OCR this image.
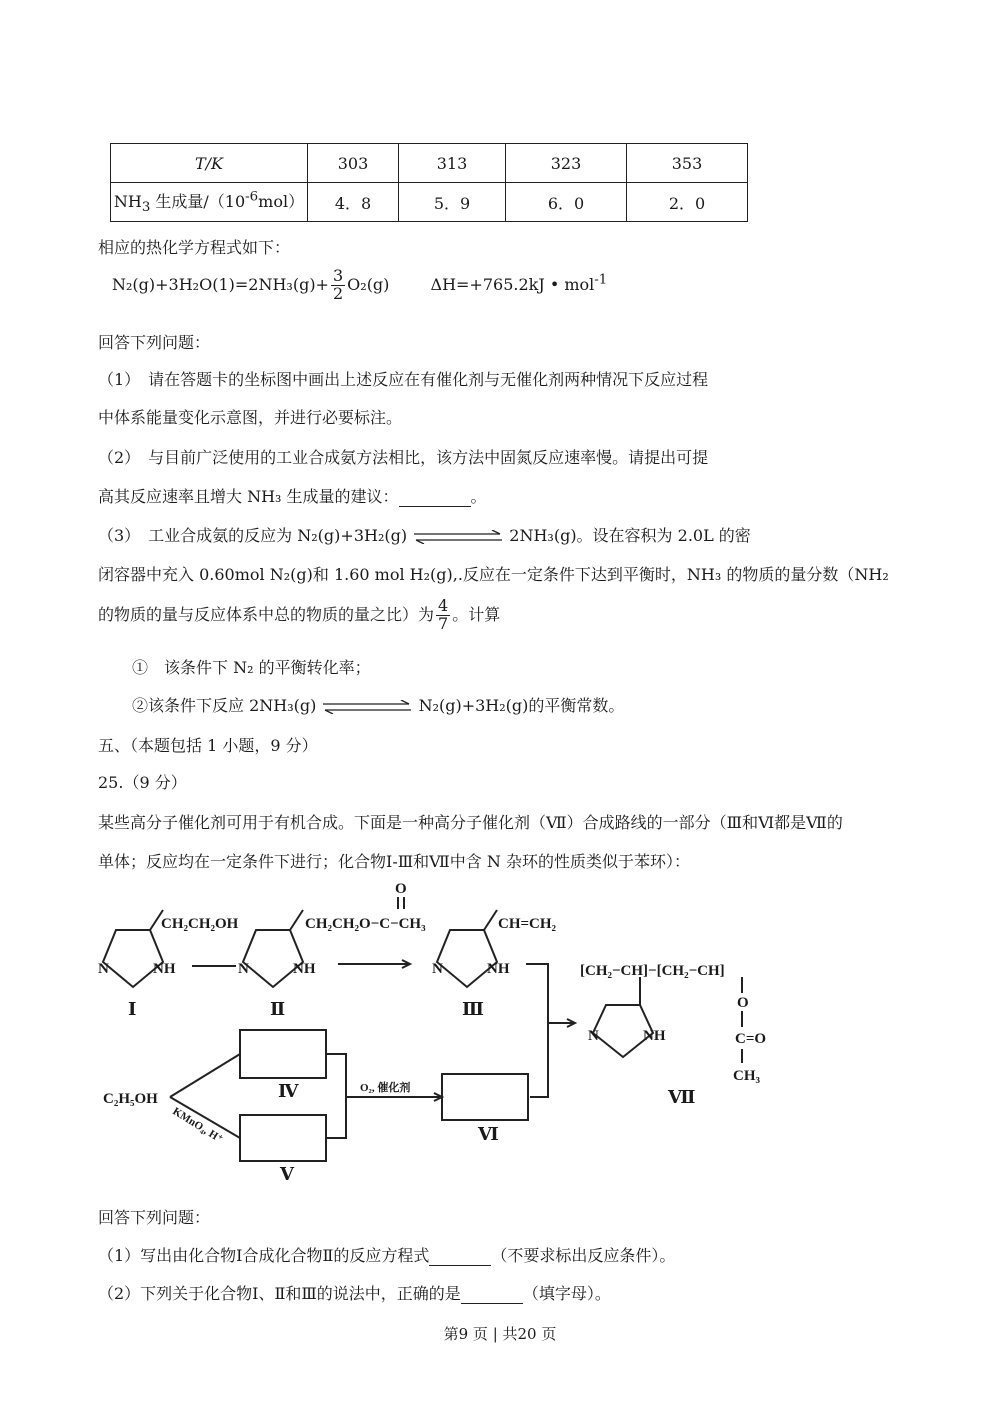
T/K	303	313	323	353
$NH_3$ 生成量$/(10^{-6}mol)$	4．8	5．9	6．0	2．0
相应的热化学方程式如下：
$N_2(g)+3H_2O(1)=2NH_3(g)+ \frac{3}{2} O_2(g)$	ΔH=+765.2kJ • mol$^{-1}$
回答下列问题：
（1）　请在答题卡的坐标图中画出上述反应在有催化剂与无催化剂两种情况下反应过程
中体系能量变化示意图，并进行必要标注。
（2）　与目前广泛使用的工业合成氨方法相比，该方法中固氮反应速率慢。请提出可提
高其反应速率且增大 NH₃ 生成量的建议：	。
（3）　工业合成氨的反应为 N₂(g)+3H₂(g)	2NH₃(g)。设在容积为 2.0L 的密
闭容器中充入 0.60mol N₂(g)和 1.60 mol H₂(g),.反应在一定条件下达到平衡时，NH₃ 的物质的量分数（NH₂
的物质的量与反应体系中总的物质的量之比）为 $\frac{4}{7}$ 。计算
①　该条件下 N₂ 的平衡转化率；
②该条件下反应 2NH₃(g)	N₂(g)+3H₂(g)的平衡常数。
五、（本题包括 1 小题，9 分）
25.（9 分）
某些高分子催化剂可用于有机合成。下面是一种高分子催化剂（Ⅶ）合成路线的一部分（Ⅲ和Ⅵ都是Ⅶ的
单体；反应均在一定条件下进行；化合物Ⅰ-Ⅲ和Ⅶ中含 N 杂环的性质类似于苯环）：
CH₂CH₂OH
N	NH
Ⅰ
CH₂CH₂O−C−CH₃
O
N	NH
Ⅱ
CH=CH₂
N	NH
Ⅲ
C₂H₅OH
KMnO₄, H⁺
O₂, 催化剂
Ⅳ
Ⅴ
Ⅵ
[CH₂−CH]−[CH₂−CH]
O
C=O
CH₃
N	NH
Ⅶ
回答下列问题：
（1）写出由化合物Ⅰ合成化合物Ⅱ的反应方程式	（不要求标出反应条件）。
（2）下列关于化合物Ⅰ、Ⅱ和Ⅲ的说法中，正确的是	（填字母）。
第9 页 | 共20 页
